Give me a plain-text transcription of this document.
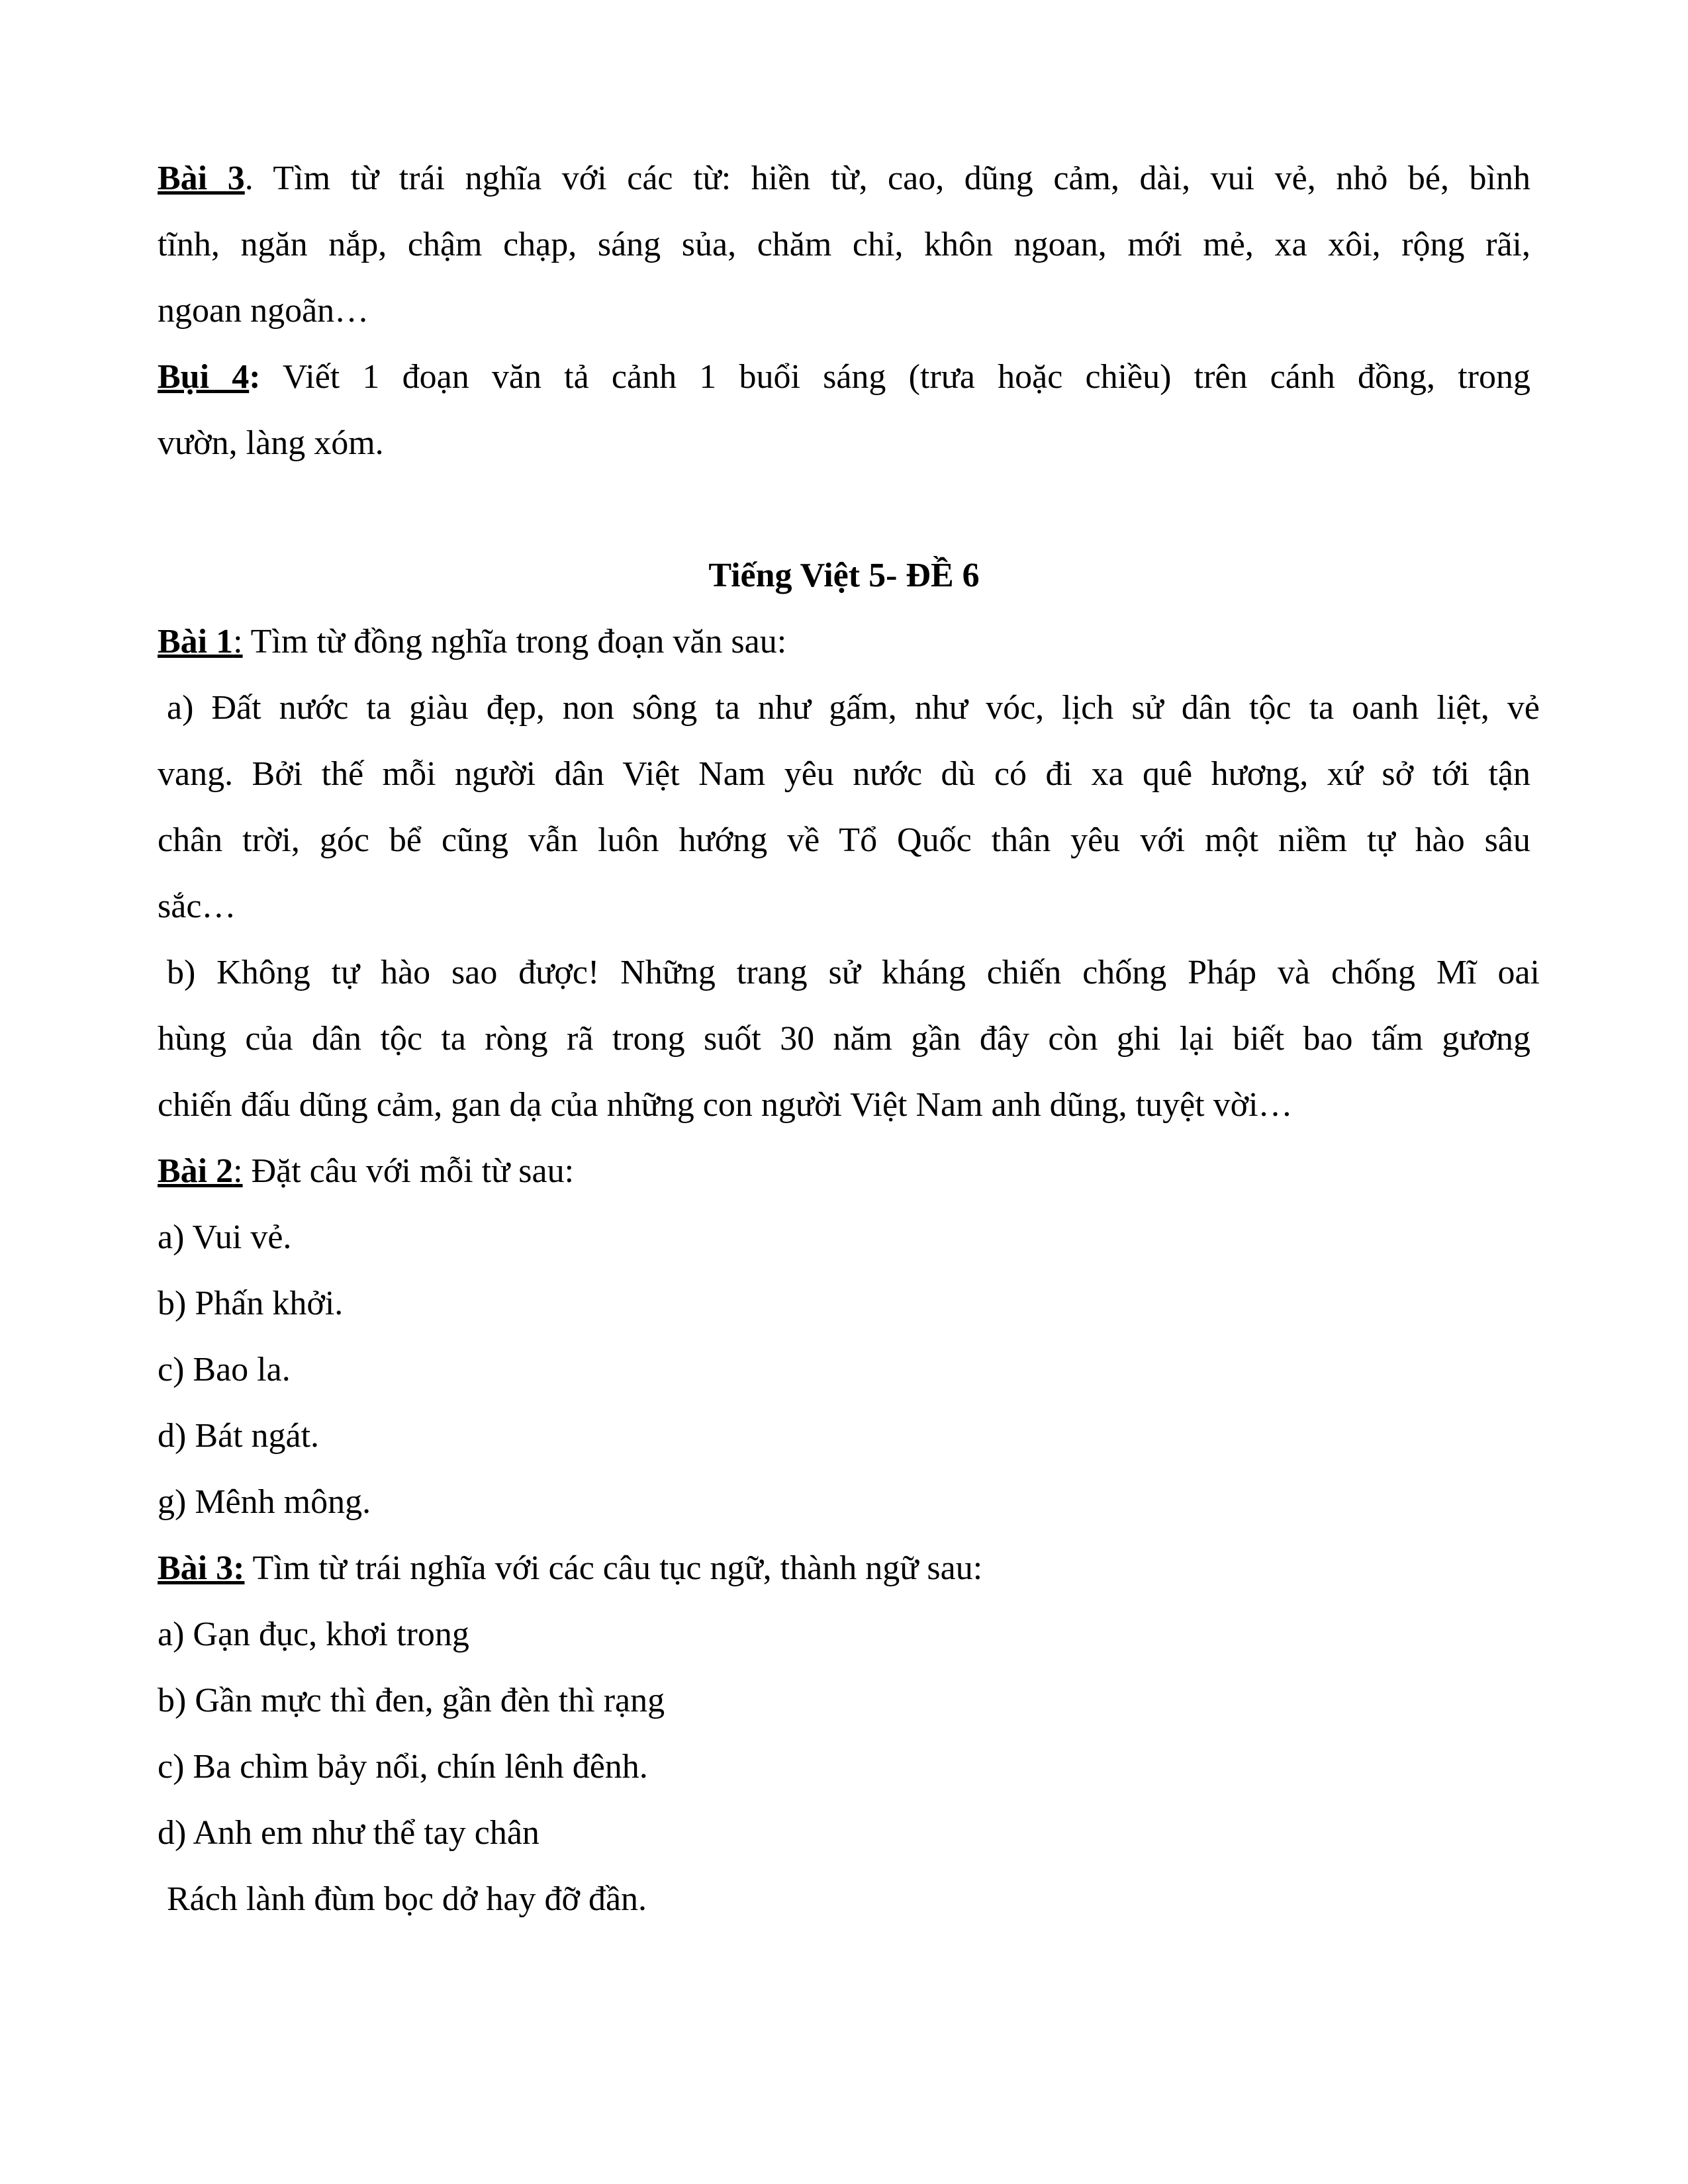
Bài 3. Tìm từ trái nghĩa với các từ: hiền từ, cao, dũng cảm, dài, vui vẻ, nhỏ bé, bình
tĩnh, ngăn nắp, chậm chạp, sáng sủa, chăm chỉ, khôn ngoan, mới mẻ, xa xôi, rộng rãi,
ngoan ngoãn…
Bụi 4: Viết 1 đoạn văn tả cảnh 1 buổi sáng (trưa hoặc chiều) trên cánh đồng, trong
vườn, làng xóm.
Tiếng Việt 5- ĐỀ 6
Bài 1: Tìm từ đồng nghĩa trong đoạn văn sau:
a) Đất nước ta giàu đẹp, non sông ta như gấm, như vóc, lịch sử dân tộc ta oanh liệt, vẻ
vang. Bởi thế mỗi người dân Việt Nam yêu nước dù có đi xa quê hương, xứ sở tới tận
chân trời, góc bể cũng vẫn luôn hướng về Tổ Quốc thân yêu với một niềm tự hào sâu
sắc…
b) Không tự hào sao được! Những trang sử kháng chiến chống Pháp và chống Mĩ oai
hùng của dân tộc ta ròng rã trong suốt 30 năm gần đây còn ghi lại biết bao tấm gương
chiến đấu dũng cảm, gan dạ của những con người Việt Nam anh dũng, tuyệt vời…
Bài 2: Đặt câu với mỗi từ sau:
a) Vui vẻ.
b) Phấn khởi.
c) Bao la.
d) Bát ngát.
g) Mênh mông.
Bài 3: Tìm từ trái nghĩa với các câu tục ngữ, thành ngữ sau:
a) Gạn đục, khơi trong
b) Gần mực thì đen, gần đèn thì rạng
c) Ba chìm bảy nổi, chín lênh đênh.
d) Anh em như thể tay chân
Rách lành đùm bọc dở hay đỡ đần.
